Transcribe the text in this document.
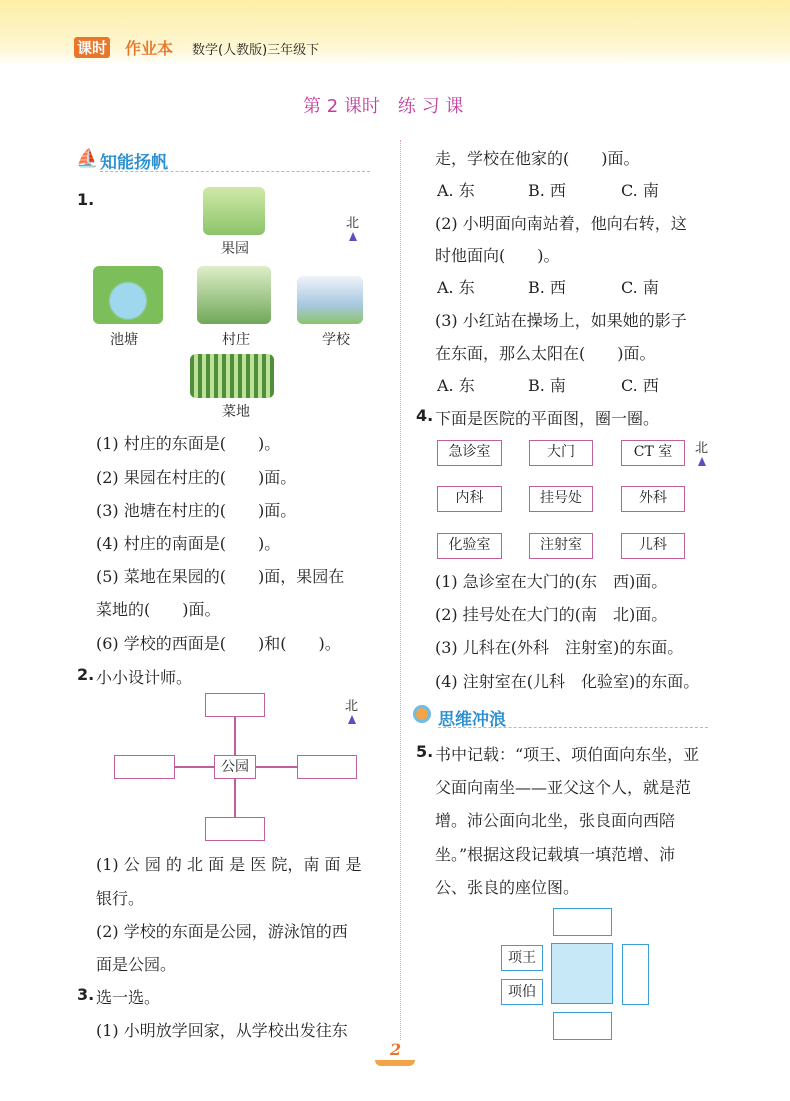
课时 作业本 数学(人教版)三年级下
第 2 课时　练 习 课
⛵ 知能扬帆
1.
果园
北
池塘	村庄	学校
菜地
(1) 村庄的东面是(　　)。
(2) 果园在村庄的(　　)面。
(3) 池塘在村庄的(　　)面。
(4) 村庄的南面是(　　)。
(5) 菜地在果园的(　　)面，果园在
菜地的(　　)面。
(6) 学校的西面是(　　)和(　　)。
2. 小小设计师。
北
公园
(1) 公 园 的 北 面 是 医 院，南 面 是
银行。
(2) 学校的东面是公园，游泳馆的西
面是公园。
3. 选一选。
(1) 小明放学回家，从学校出发往东
走，学校在他家的(　　)面。
A. 东	B. 西	C. 南
(2) 小明面向南站着，他向右转，这
时他面向(　　)。
A. 东	B. 西	C. 南
(3) 小红站在操场上，如果她的影子
在东面，那么太阳在(　　)面。
A. 东	B. 南	C. 西
4. 下面是医院的平面图，圈一圈。
急诊室	大门	CT 室	北
内科	挂号处	外科
化验室	注射室	儿科
(1) 急诊室在大门的(东　西)面。
(2) 挂号处在大门的(南　北)面。
(3) 儿科在(外科　注射室)的东面。
(4) 注射室在(儿科　化验室)的东面。
思维冲浪
5. 书中记载：“项王、项伯面向东坐，亚
父面向南坐——亚父这个人，就是范
增。沛公面向北坐，张良面向西陪
坐。”根据这段记载填一填范增、沛
公、张良的座位图。
项王
项伯
2
